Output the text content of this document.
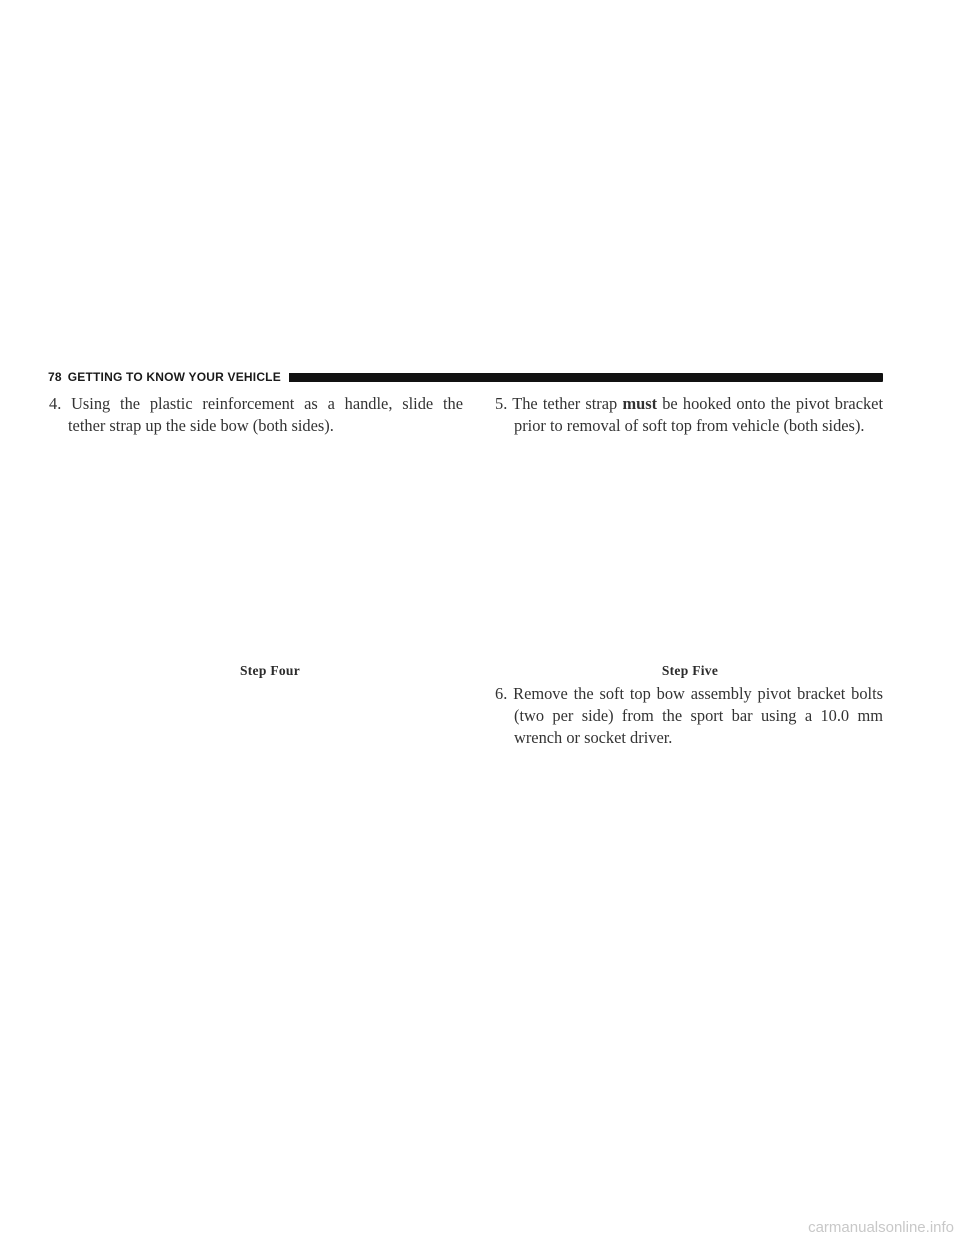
78 GETTING TO KNOW YOUR VEHICLE
4. Using the plastic reinforcement as a handle, slide the
tether strap up the side bow (both sides).
Step Four
5. The tether strap must be hooked onto the pivot bracket
prior to removal of soft top from vehicle (both sides).
Step Five
6. Remove the soft top bow assembly pivot bracket bolts
(two per side) from the sport bar using a 10.0 mm
wrench or socket driver.
carmanualsonline.info
